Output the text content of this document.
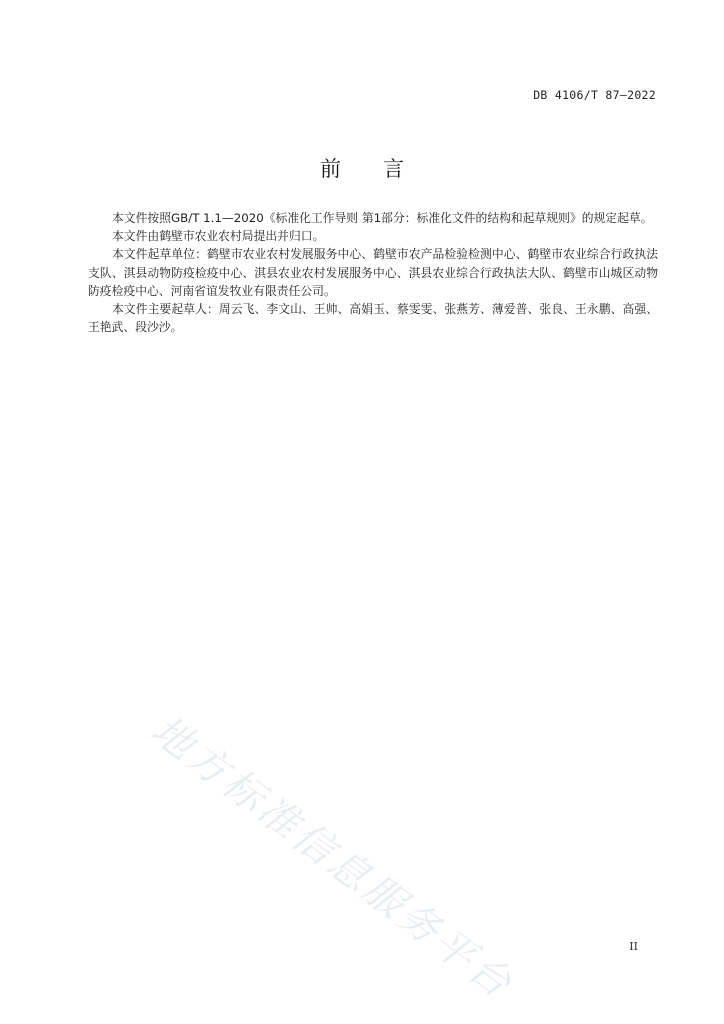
DB 4106/T 87—2022
前 言

本文件按照GB/T 1.1—2020《标准化工作导则 第1部分：标准化文件的结构和起草规则》的规定起草。

本文件由鹤壁市农业农村局提出并归口。

本文件起草单位：鹤壁市农业农村发展服务中心、鹤壁市农产品检验检测中心、鹤壁市农业综合行政执法支队、淇县动物防疫检疫中心、淇县农业农村发展服务中心、淇县农业综合行政执法大队、鹤壁市山城区动物防疫检疫中心、河南省谊发牧业有限责任公司。

本文件主要起草人：周云飞、李文山、王帅、高娟玉、蔡雯雯、张燕芳、薄爱普、张良、王永鹏、高强、王艳武、段沙沙。

地方标准信息服务平台	II
